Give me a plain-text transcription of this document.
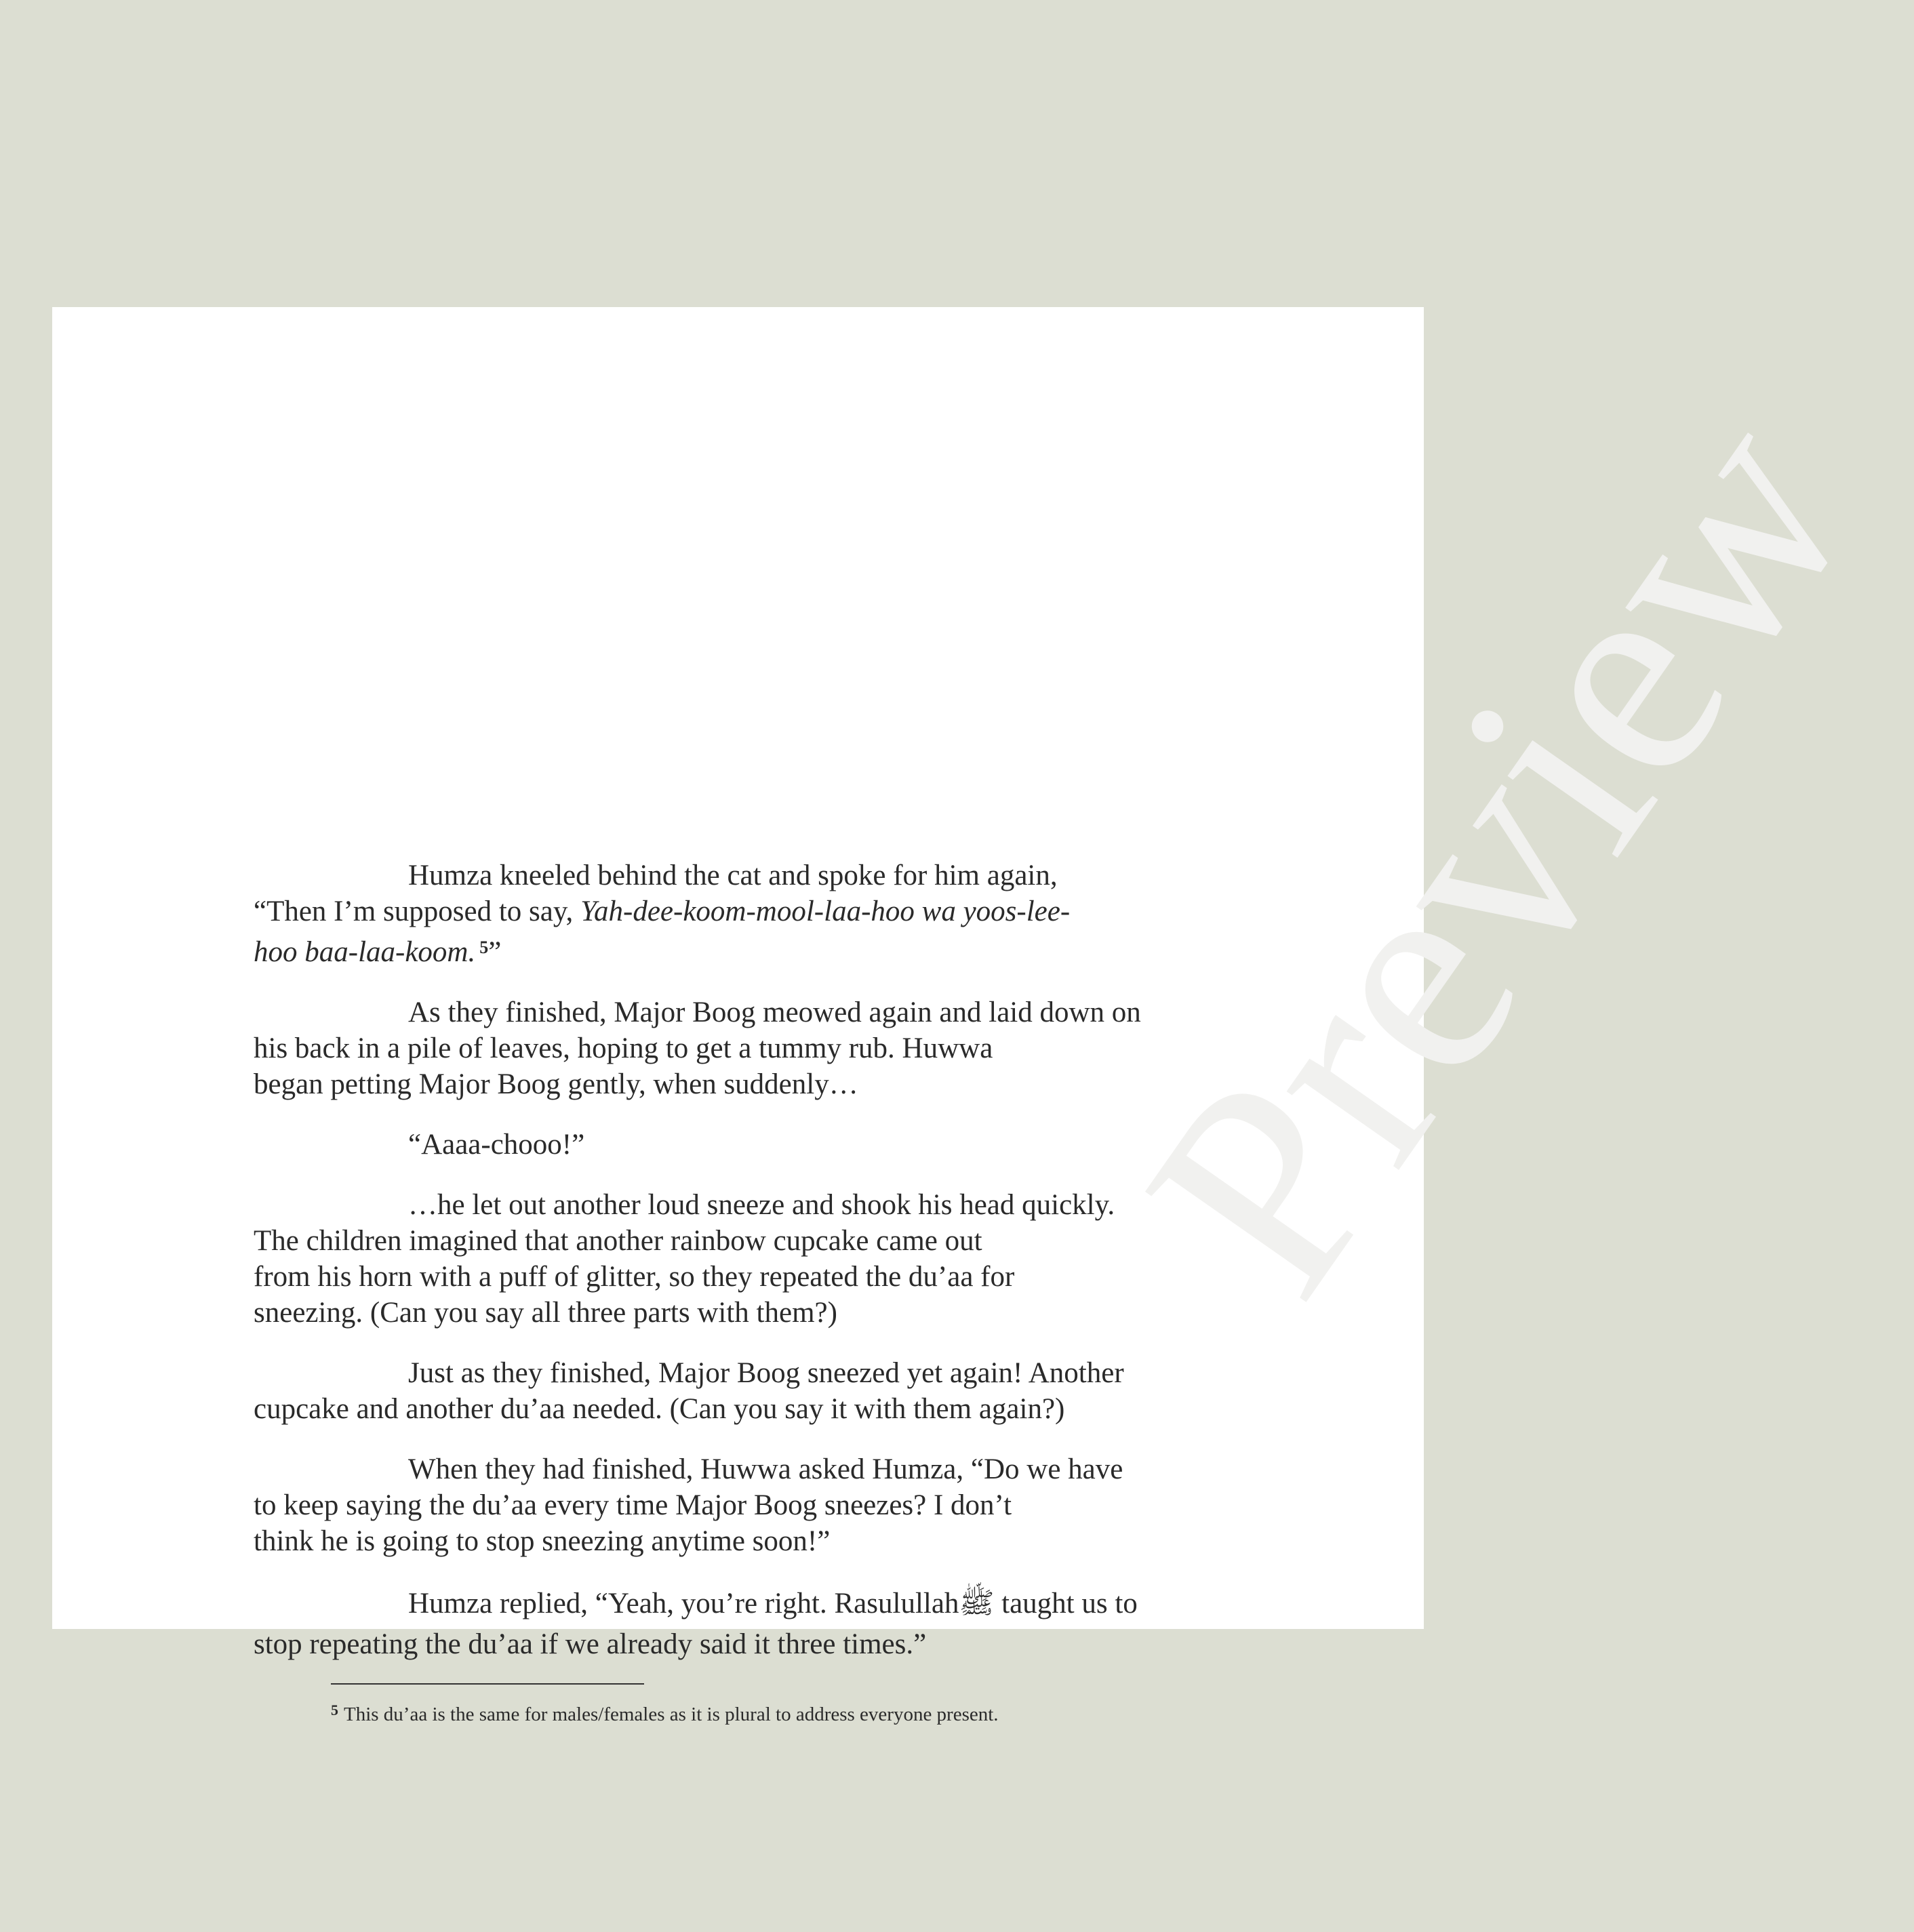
Preview

Humza kneeled behind the cat and spoke for him again,
“Then I’m supposed to say, Yah-dee-koom-mool-laa-hoo wa yoos-lee-
hoo baa-laa-koom. $^5$”

As they finished, Major Boog meowed again and laid down on
his back in a pile of leaves, hoping to get a tummy rub. Huwwa
began petting Major Boog gently, when suddenly…

“Aaaa-chooo!”

…he let out another loud sneeze and shook his head quickly.
The children imagined that another rainbow cupcake came out
from his horn with a puff of glitter, so they repeated the du’aa for
sneezing. (Can you say all three parts with them?)

Just as they finished, Major Boog sneezed yet again! Another
cupcake and another du’aa needed. (Can you say it with them again?)

When they had finished, Huwwa asked Humza, “Do we have
to keep saying the du’aa every time Major Boog sneezes? I don’t
think he is going to stop sneezing anytime soon!”

Humza replied, “Yeah, you’re right. Rasulullahﷺ taught us to
stop repeating the du’aa if we already said it three times.”

$^5$ This du’aa is the same for males/females as it is plural to address everyone present.
